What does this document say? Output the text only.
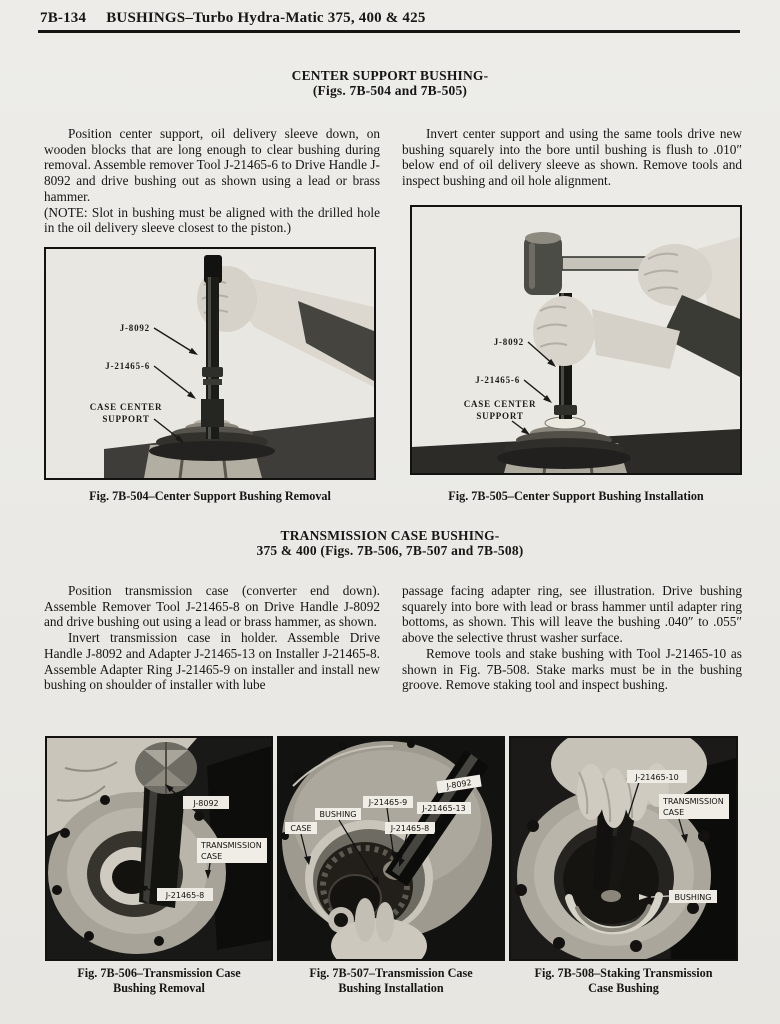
7B-134 BUSHINGS–Turbo Hydra-Matic 375, 400 & 425
CENTER SUPPORT BUSHING-
(Figs. 7B-504 and 7B-505)

Position center support, oil delivery sleeve down, on wooden blocks that are long enough to clear bushing during removal. Assemble remover Tool J-21465-6 to Drive Handle J-8092 and drive bushing out as shown using a lead or brass hammer.

(NOTE: Slot in bushing must be aligned with the drilled hole in the oil delivery sleeve closest to the piston.)

Invert center support and using the same tools drive new bushing squarely into the bore until bushing is flush to .010″ below end of oil delivery sleeve as shown. Remove tools and inspect bushing and oil hole alignment.

J-8092
J-21465-6
CASE CENTER
SUPPORT
Fig. 7B-504–Center Support Bushing Removal
J-8092
J-21465-6
CASE CENTER
SUPPORT
Fig. 7B-505–Center Support Bushing Installation
TRANSMISSION CASE BUSHING-
375 & 400 (Figs. 7B-506, 7B-507 and 7B-508)

Position transmission case (converter end down). Assemble Remover Tool J-21465-8 on Drive Handle J-8092 and drive bushing out using a lead or brass hammer, as shown.

Invert transmission case in holder. Assemble Drive Handle J-8092 and Adapter J-21465-13 on Installer J-21465-8. Assemble Adapter Ring J-21465-9 on installer and install new bushing on shoulder of installer with lube

passage facing adapter ring, see illustration. Drive bushing squarely into bore with lead or brass hammer until adapter ring bottoms, as shown. This will leave the bushing .040″ to .055″ above the selective thrust washer surface.

Remove tools and stake bushing with Tool J-21465-10 as shown in Fig. 7B-508. Stake marks must be in the bushing groove. Remove staking tool and inspect bushing.

J-8092
TRANSMISSION
CASE
J-21465-8
Fig. 7B-506–Transmission Case
Bushing Removal
CASE
BUSHING
J-21465-9
J-21465-8
J-21465-13
J-8092
Fig. 7B-507–Transmission Case
Bushing Installation
J-21465-10
TRANSMISSION
CASE
BUSHING
Fig. 7B-508–Staking Transmission
Case Bushing
